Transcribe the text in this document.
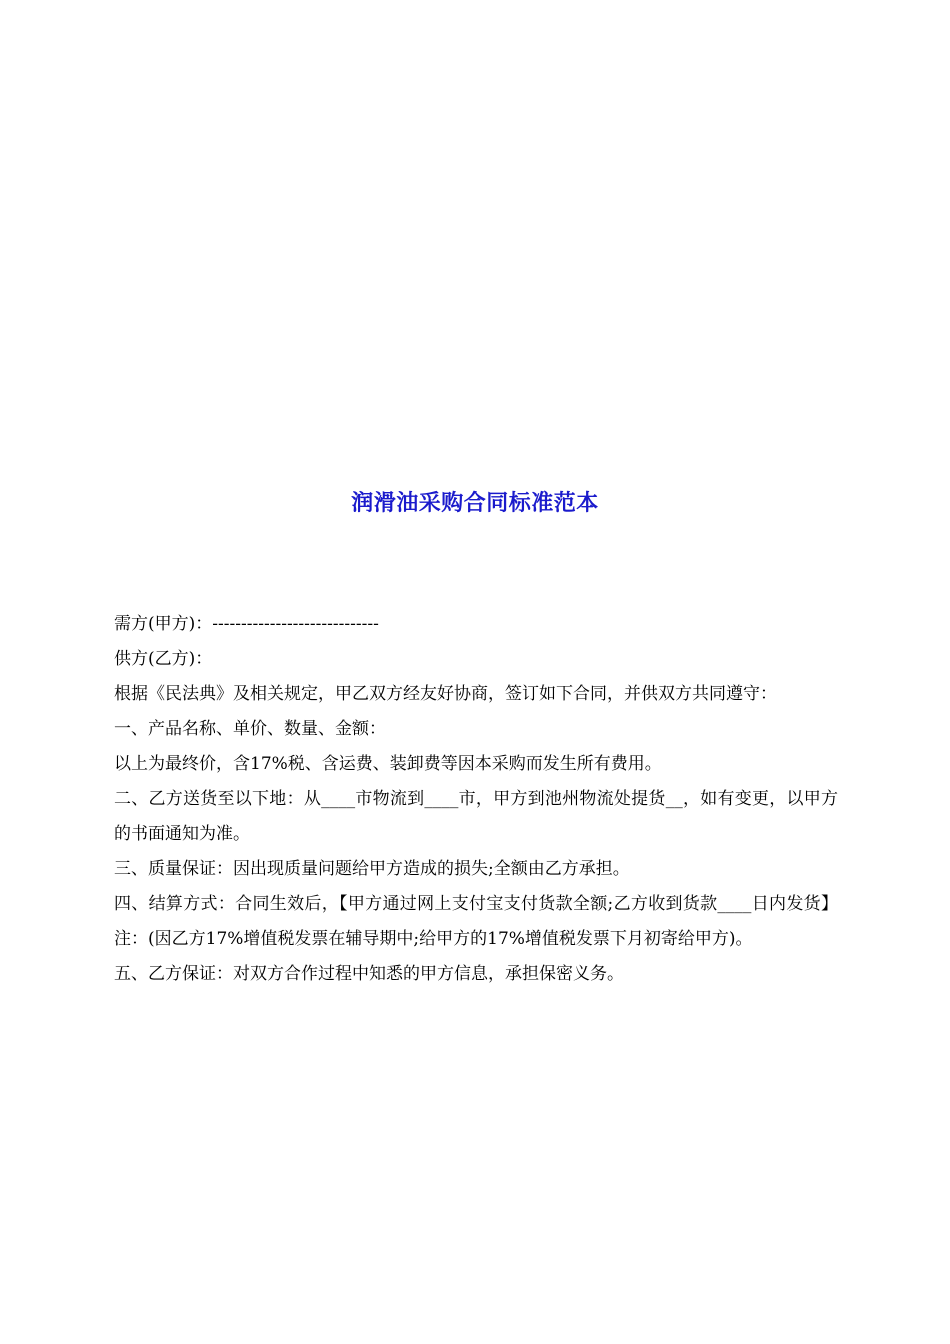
润滑油采购合同标准范本

需方(甲方)：-----------------------------

供方(乙方)：

根据《民法典》及相关规定，甲乙双方经友好协商，签订如下合同，并供双方共同遵守：

一、产品名称、单价、数量、金额：

以上为最终价，含17%税、含运费、装卸费等因本采购而发生所有费用。

二、乙方送货至以下地：从____市物流到____市，甲方到池州物流处提货__，如有变更，以甲方的书面通知为准。

三、质量保证：因出现质量问题给甲方造成的损失;全额由乙方承担。

四、结算方式：合同生效后，【甲方通过网上支付宝支付货款全额;乙方收到货款____日内发货】注：(因乙方17%增值税发票在辅导期中;给甲方的17%增值税发票下月初寄给甲方)。

五、乙方保证：对双方合作过程中知悉的甲方信息，承担保密义务。
